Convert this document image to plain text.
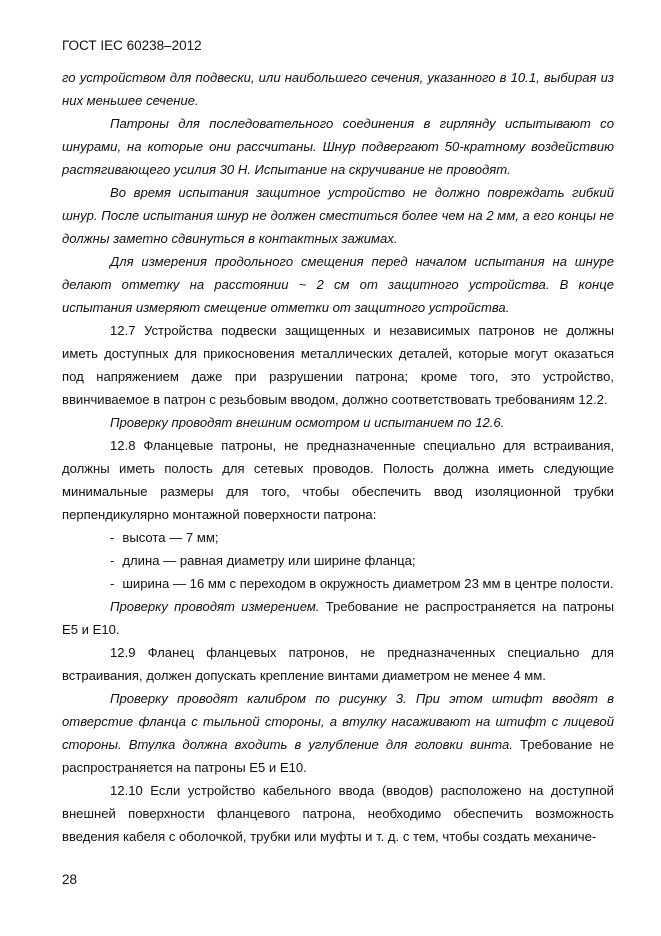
ГОСТ IEC 60238–2012

го устройством для подвески, или наибольшего сечения, указанного в 10.1, выбирая из них меньшее сечение.

Патроны для последовательного соединения в гирлянду испытывают со шнурами, на которые они рассчитаны. Шнур подвергают 50-кратному воздействию растягивающего усилия 30 Н. Испытание на скручивание не проводят.

Во время испытания защитное устройство не должно повреждать гибкий шнур. После испытания шнур не должен сместиться более чем на 2 мм, а его концы не должны заметно сдвинуться в контактных зажимах.

Для измерения продольного смещения перед началом испытания на шнуре делают отметку на расстоянии ~ 2 см от защитного устройства. В конце испытания измеряют смещение отметки от защитного устройства.

12.7 Устройства подвески защищенных и независимых патронов не должны иметь доступных для прикосновения металлических деталей, которые могут оказаться под напряжением даже при разрушении патрона; кроме того, это устройство, ввинчиваемое в патрон с резьбовым вводом, должно соответствовать требованиям 12.2.

Проверку проводят внешним осмотром и испытанием по 12.6.

12.8 Фланцевые патроны, не предназначенные специально для встраивания, должны иметь полость для сетевых проводов. Полость должна иметь следующие минимальные размеры для того, чтобы обеспечить ввод изоляционной трубки перпендикулярно монтажной поверхности патрона:

- высота — 7 мм;

- длина — равная диаметру или ширине фланца;

- ширина — 16 мм с переходом в окружность диаметром 23 мм в центре полости.

Проверку проводят измерением. Требование не распространяется на патроны Е5 и Е10.

12.9 Фланец фланцевых патронов, не предназначенных специально для встраивания, должен допускать крепление винтами диаметром не менее 4 мм.

Проверку проводят калибром по рисунку 3. При этом штифт вводят в отверстие фланца с тыльной стороны, а втулку насаживают на штифт с лицевой стороны. Втулка должна входить в углубление для головки винта. Требование не распространяется на патроны Е5 и Е10.

12.10 Если устройство кабельного ввода (вводов) расположено на доступной внешней поверхности фланцевого патрона, необходимо обеспечить возможность введения кабеля с оболочкой, трубки или муфты и т. д. с тем, чтобы создать механиче-

28
